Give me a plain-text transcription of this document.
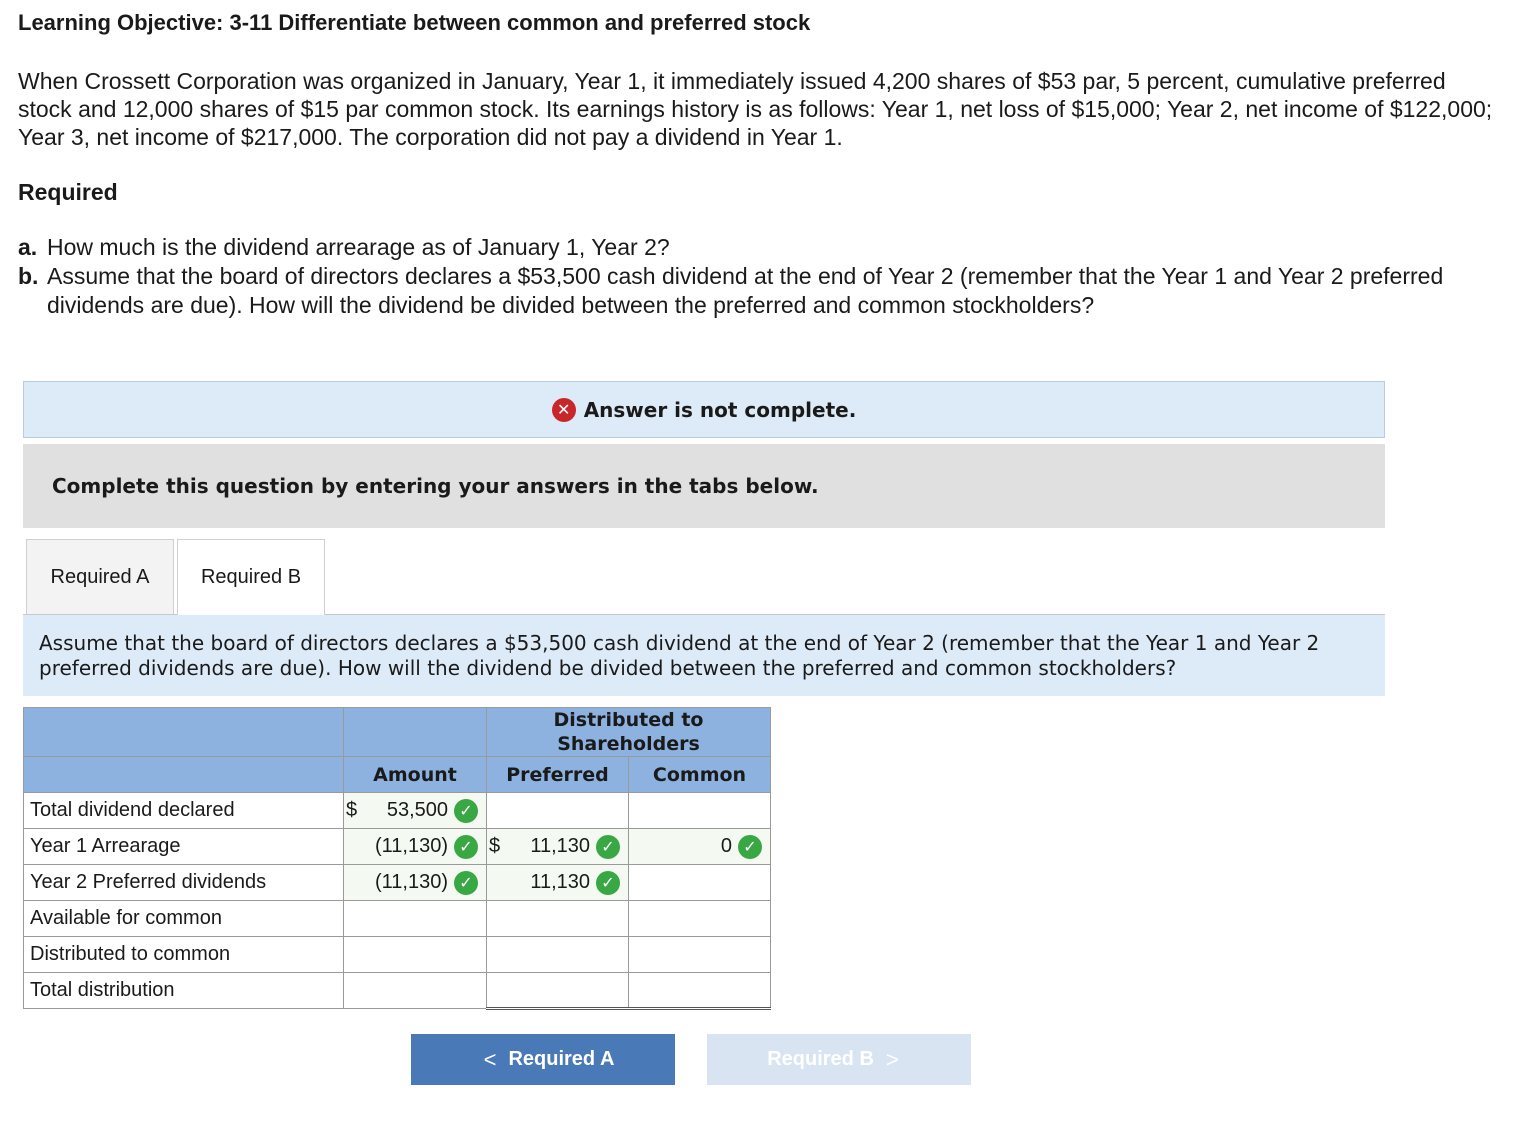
Learning Objective: 3-11 Differentiate between common and preferred stock
When Crossett Corporation was organized in January, Year 1, it immediately issued 4,200 shares of $53 par, 5 percent, cumulative preferred stock and 12,000 shares of $15 par common stock. Its earnings history is as follows: Year 1, net loss of $15,000; Year 2, net income of $122,000; Year 3, net income of $217,000. The corporation did not pay a dividend in Year 1.
Required
a. How much is the dividend arrearage as of January 1, Year 2?
b. Assume that the board of directors declares a $53,500 cash dividend at the end of Year 2 (remember that the Year 1 and Year 2 preferred dividends are due). How will the dividend be divided between the preferred and common stockholders?
✕ Answer is not complete.
Complete this question by entering your answers in the tabs below.
Required A	Required B
Assume that the board of directors declares a $53,500 cash dividend at the end of Year 2 (remember that the Year 1 and Year 2 preferred dividends are due). How will the dividend be divided between the preferred and common stockholders?
		Distributed to Shareholders	
	Amount	Preferred	Common
Total dividend declared	$ 53,500 ✓		

Year 1 Arrearage	(11,130) ✓	$ 11,130 ✓	0 ✓

Year 2 Preferred dividends	(11,130) ✓	11,130 ✓	

Available for common			
Distributed to common			
Total distribution			
< Required A	Required B >
